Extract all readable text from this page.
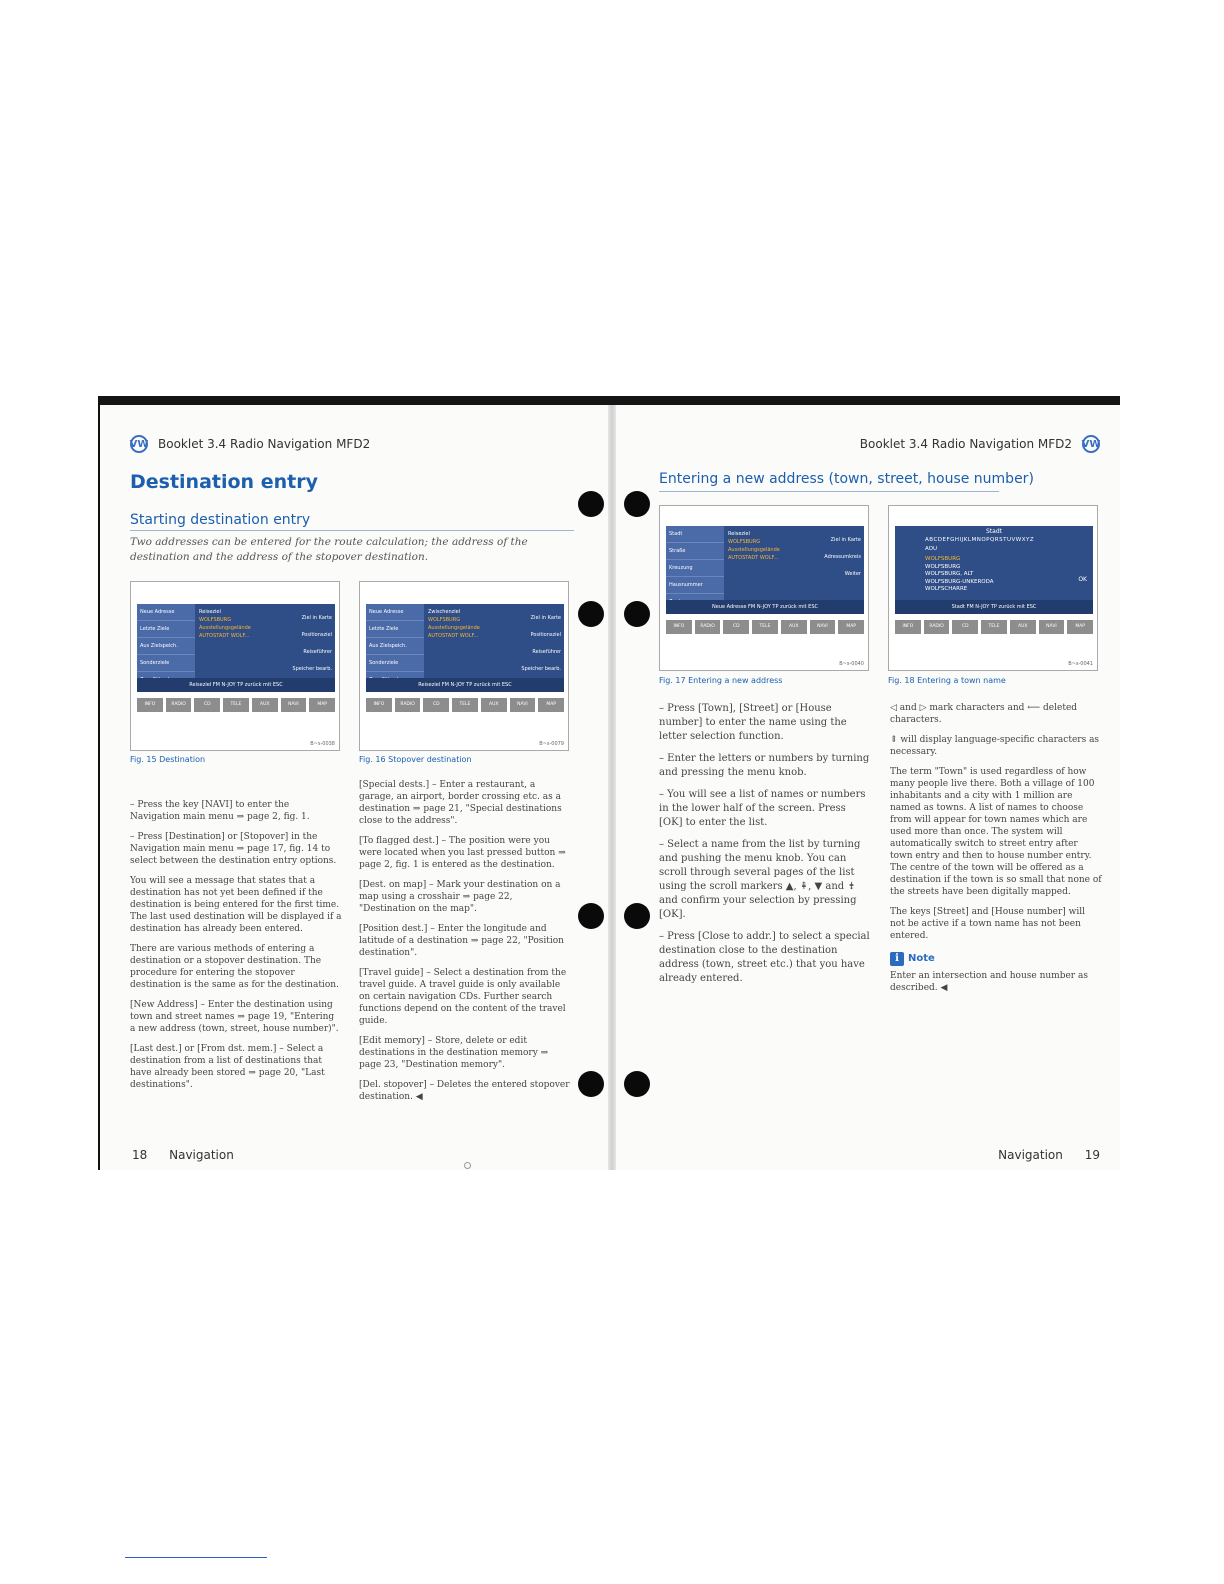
VW Booklet 3.4 Radio Navigation MFD2
Destination entry
Starting destination entry
Two addresses can be entered for the route calculation; the address of the destination and the address of the stopover destination.
Neue Adresse
Letzte Ziele
Aus Zielspeich.
Sonderziele
Reiseziel
WOLFSBURG
Ausstellungsgelände
AUTOSTADT WOLF...
Ziel in Karte
Positionsziel
Reiseführer
Speicher bearb.
Reiseziel FM N-JOY TP zurück mit ESC
INFO	RADIO	CD	TELE	AUX	NAVI	MAP
B~s-0038
Fig. 15 Destination
Neue Adresse
Letzte Ziele
Aus Zielspeich.
Sonderziele
Zwischenziel
WOLFSBURG
Ausstellungsgelände
AUTOSTADT WOLF...
Ziel in Karte
Positionsziel
Reiseführer
Speicher bearb.
Reiseziel FM N-JOY TP zurück mit ESC
INFO	RADIO	CD	TELE	AUX	NAVI	MAP
B~s-0079
Fig. 16 Stopover destination

– Press the key [NAVI] to enter the Navigation main menu ⇒ page 2, fig. 1.

– Press [Destination] or [Stopover] in the Navigation main menu ⇒ page 17, fig. 14 to select between the destination entry options.

You will see a message that states that a destination has not yet been defined if the destination is being entered for the first time. The last used destination will be displayed if a destination has already been entered.

There are various methods of entering a destination or a stopover destination. The procedure for entering the stopover destination is the same as for the destination.

[New Address] – Enter the destination using town and street names ⇒ page 19, "Entering a new address (town, street, house number)".

[Last dest.] or [From dst. mem.] – Select a destination from a list of destinations that have already been stored ⇒ page 20, "Last destinations".

[Special dests.] – Enter a restaurant, a garage, an airport, border crossing etc. as a destination ⇒ page 21, "Special destinations close to the address".

[To flagged dest.] – The position were you were located when you last pressed button ⇒ page 2, fig. 1 is entered as the destination.

[Dest. on map] – Mark your destination on a map using a crosshair ⇒ page 22, "Destination on the map".

[Position dest.] – Enter the longitude and latitude of a destination ⇒ page 22, "Position destination".

[Travel guide] – Select a destination from the travel guide. A travel guide is only available on certain navigation CDs. Further search functions depend on the content of the travel guide.

[Edit memory] – Store, delete or edit destinations in the destination memory ⇒ page 23, "Destination memory".

[Del. stopover] – Deletes the entered stopover destination. ◀

18 Navigation
Booklet 3.4 Radio Navigation MFD2 VW
Entering a new address (town, street, house number)
Stadt
Straße
Kreuzung
Hausnummer
Reiseziel
WOLFSBURG
Ausstellungsgelände
AUTOSTADT WOLF...
Ziel in Karte
Adressumkreis
Weiter
Neue Adresse FM N-JOY TP zurück mit ESC
INFO	RADIO	CD	TELE	AUX	NAVI	MAP
B~s-0040
Fig. 17 Entering a new address
Stadt
ABCDEFGHIJKLMNOPQRSTUVWXYZ
AOU
WOLFSBURG
WOLFSBURG
WOLFSBURG, ALT
WOLFSBURG-UNKERODA
WOLFSCHARRE
OK
Stadt FM N-JOY TP zurück mit ESC
INFO	RADIO	CD	TELE	AUX	NAVI	MAP
B~s-0041
Fig. 18 Entering a town name

– Press [Town], [Street] or [House number] to enter the name using the letter selection function.

– Enter the letters or numbers by turning and pressing the menu knob.

– You will see a list of names or numbers in the lower half of the screen. Press [OK] to enter the list.

– Select a name from the list by turning and pushing the menu knob. You can scroll through several pages of the list using the scroll markers ▲, ⇞, ▼ and ⇟ and confirm your selection by pressing [OK].

– Press [Close to addr.] to select a special destination close to the destination address (town, street etc.) that you have already entered.

◁ and ▷ mark characters and ⟵ deleted characters.

⇕ will display language-specific characters as necessary.

The term "Town" is used regardless of how many people live there. Both a village of 100 inhabitants and a city with 1 million are named as towns. A list of names to choose from will appear for town names which are used more than once. The system will automatically switch to street entry after town entry and then to house number entry. The centre of the town will be offered as a destination if the town is so small that none of the streets have been digitally mapped.

The keys [Street] and [House number] will not be active if a town name has not been entered.

i Note
Enter an intersection and house number as described. ◀
Navigation 19
